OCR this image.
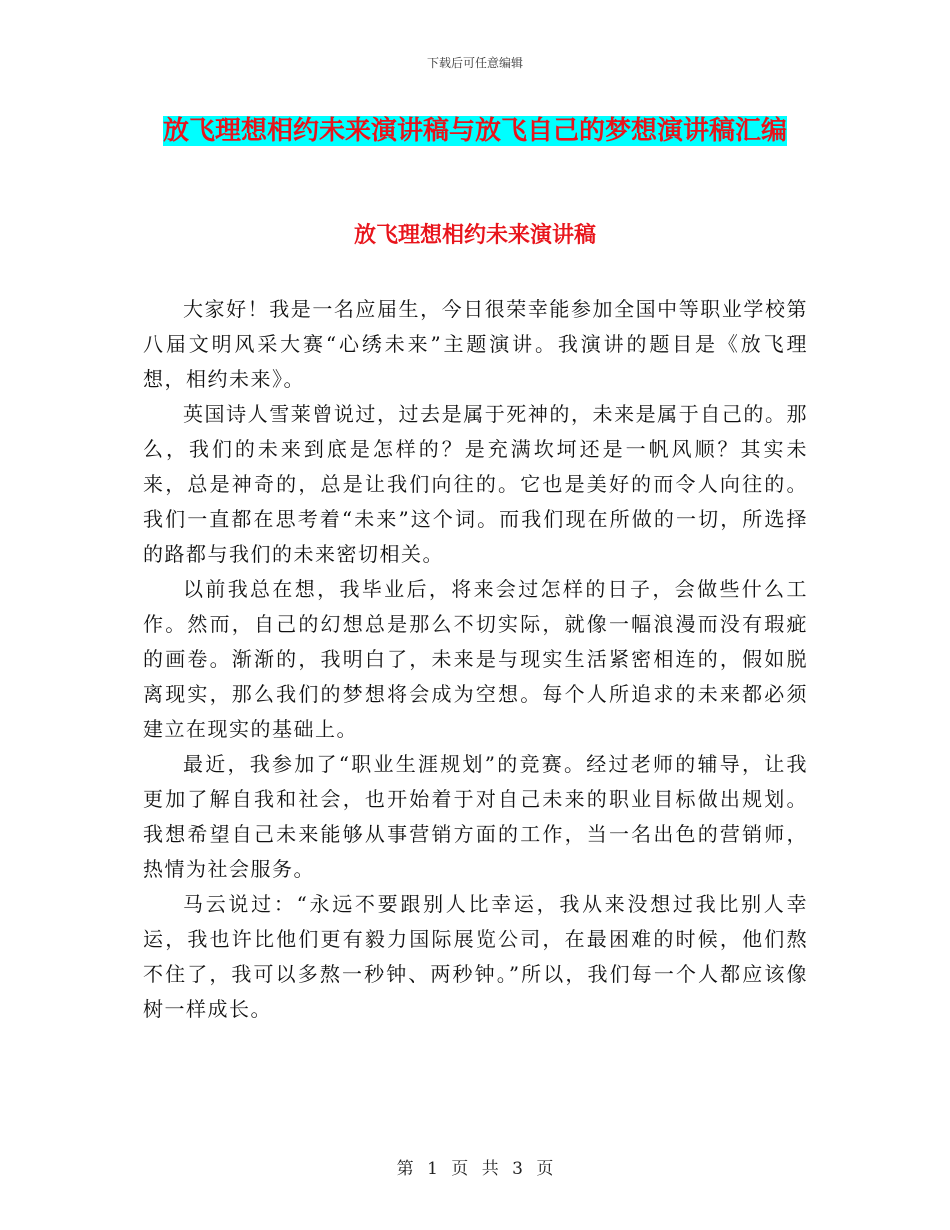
下载后可任意编辑
放飞理想相约未来演讲稿与放飞自己的梦想演讲稿汇编
放飞理想相约未来演讲稿

大家好！我是一名应届生，今日很荣幸能参加全国中等职业学校第八届文明风采大赛“心绣未来”主题演讲。我演讲的题目是《放飞理想，相约未来》。

英国诗人雪莱曾说过，过去是属于死神的，未来是属于自己的。那么，我们的未来到底是怎样的？是充满坎坷还是一帆风顺？其实未来，总是神奇的，总是让我们向往的。它也是美好的而令人向往的。我们一直都在思考着“未来”这个词。而我们现在所做的一切，所选择的路都与我们的未来密切相关。

以前我总在想，我毕业后，将来会过怎样的日子，会做些什么工作。然而，自己的幻想总是那么不切实际，就像一幅浪漫而没有瑕疵的画卷。渐渐的，我明白了，未来是与现实生活紧密相连的，假如脱离现实，那么我们的梦想将会成为空想。每个人所追求的未来都必须建立在现实的基础上。

最近，我参加了“职业生涯规划”的竞赛。经过老师的辅导，让我更加了解自我和社会，也开始着于对自己未来的职业目标做出规划。我想希望自己未来能够从事营销方面的工作，当一名出色的营销师，热情为社会服务。

马云说过：“永远不要跟别人比幸运，我从来没想过我比别人幸运，我也许比他们更有毅力国际展览公司，在最困难的时候，他们熬不住了，我可以多熬一秒钟、两秒钟。”所以，我们每一个人都应该像树一样成长。

第 1 页 共 3 页
